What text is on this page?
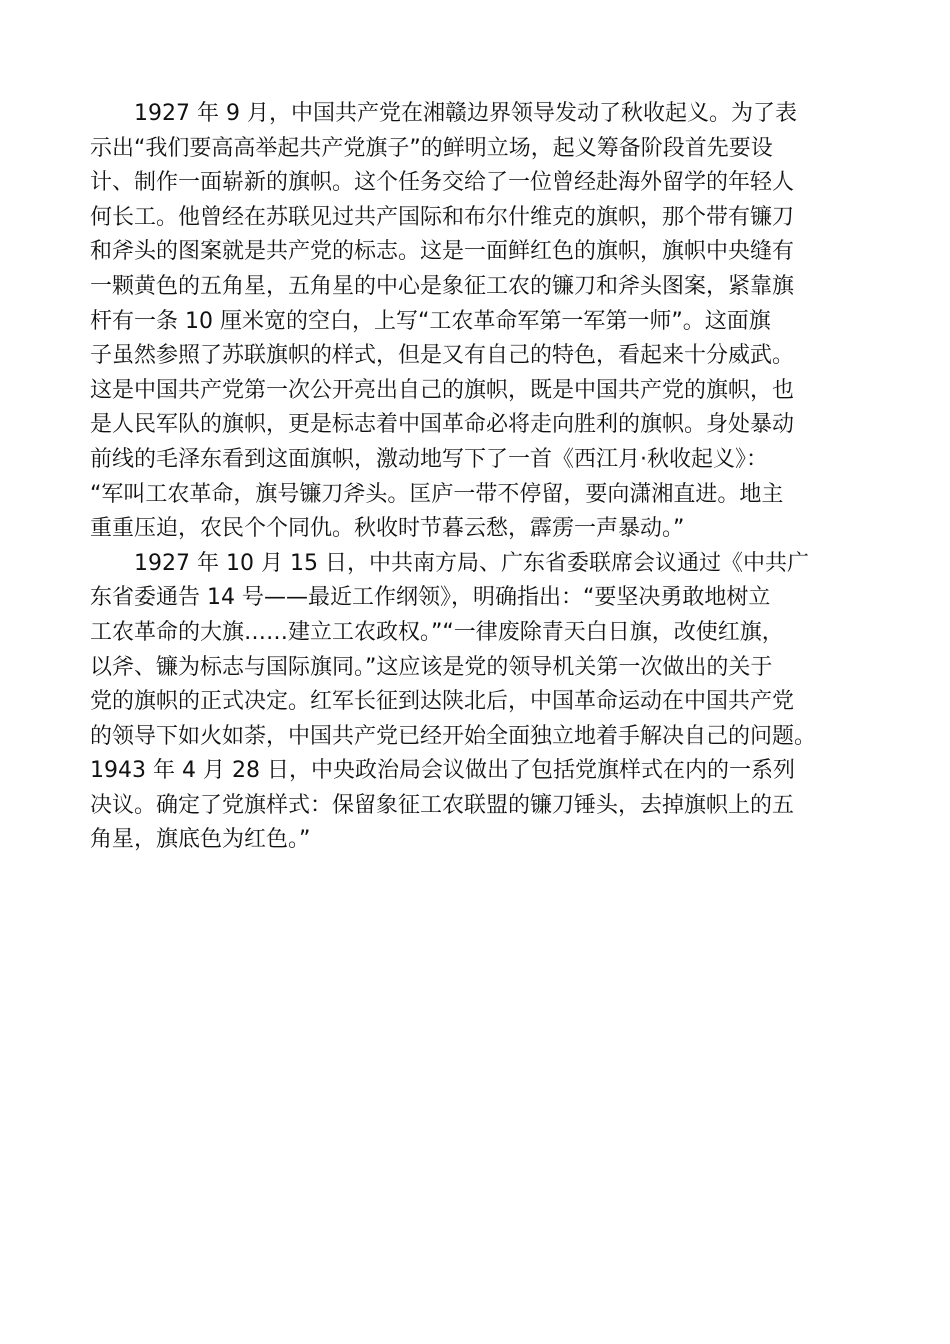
　　1927 年 9 月，中国共产党在湘赣边界领导发动了秋收起义。为了表
示出“我们要高高举起共产党旗子”的鲜明立场，起义筹备阶段首先要设
计、制作一面崭新的旗帜。这个任务交给了一位曾经赴海外留学的年轻人
何长工。他曾经在苏联见过共产国际和布尔什维克的旗帜，那个带有镰刀
和斧头的图案就是共产党的标志。这是一面鲜红色的旗帜，旗帜中央缝有
一颗黄色的五角星，五角星的中心是象征工农的镰刀和斧头图案，紧靠旗
杆有一条 10 厘米宽的空白，上写“工农革命军第一军第一师”。这面旗
子虽然参照了苏联旗帜的样式，但是又有自己的特色，看起来十分威武。
这是中国共产党第一次公开亮出自己的旗帜，既是中国共产党的旗帜，也
是人民军队的旗帜，更是标志着中国革命必将走向胜利的旗帜。身处暴动
前线的毛泽东看到这面旗帜，激动地写下了一首《西江月·秋收起义》：
“军叫工农革命，旗号镰刀斧头。匡庐一带不停留，要向潇湘直进。地主
重重压迫，农民个个同仇。秋收时节暮云愁，霹雳一声暴动。”
　　1927 年 10 月 15 日，中共南方局、广东省委联席会议通过《中共广
东省委通告 14 号——最近工作纲领》，明确指出：“要坚决勇敢地树立
工农革命的大旗……建立工农政权。”“一律废除青天白日旗，改使红旗，
以斧、镰为标志与国际旗同。”这应该是党的领导机关第一次做出的关于
党的旗帜的正式决定。红军长征到达陕北后，中国革命运动在中国共产党
的领导下如火如荼，中国共产党已经开始全面独立地着手解决自己的问题。
1943 年 4 月 28 日，中央政治局会议做出了包括党旗样式在内的一系列
决议。确定了党旗样式：保留象征工农联盟的镰刀锤头，去掉旗帜上的五
角星，旗底色为红色。”
